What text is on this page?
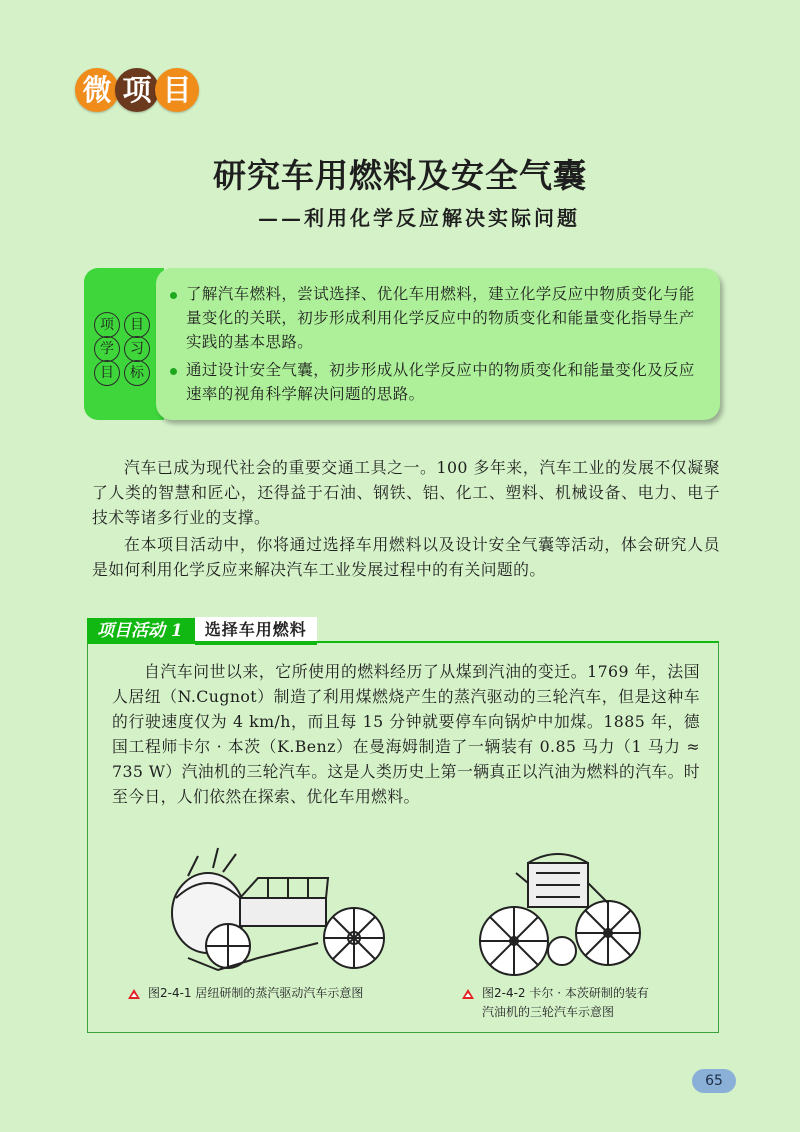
微 项 目
研究车用燃料及安全气囊
——利用化学反应解决实际问题
项	目
学	习
目	标
了解汽车燃料，尝试选择、优化车用燃料，建立化学反应中物质变化与能量变化的关联，初步形成利用化学反应中的物质变化和能量变化指导生产实践的基本思路。
通过设计安全气囊，初步形成从化学反应中的物质变化和能量变化及反应速率的视角科学解决问题的思路。
汽车已成为现代社会的重要交通工具之一。100 多年来，汽车工业的发展不仅凝聚了人类的智慧和匠心，还得益于石油、钢铁、铝、化工、塑料、机械设备、电力、电子技术等诸多行业的支撑。
在本项目活动中，你将通过选择车用燃料以及设计安全气囊等活动，体会研究人员是如何利用化学反应来解决汽车工业发展过程中的有关问题的。
项目活动 1	选择车用燃料
自汽车问世以来，它所使用的燃料经历了从煤到汽油的变迁。1769 年，法国人居纽（N.Cugnot）制造了利用煤燃烧产生的蒸汽驱动的三轮汽车，但是这种车的行驶速度仅为 4 km/h，而且每 15 分钟就要停车向锅炉中加煤。1885 年，德国工程师卡尔 · 本茨（K.Benz）在曼海姆制造了一辆装有 0.85 马力（1 马力 ≈ 735 W）汽油机的三轮汽车。这是人类历史上第一辆真正以汽油为燃料的汽车。时至今日，人们依然在探索、优化车用燃料。
图2-4-1 居纽研制的蒸汽驱动汽车示意图	图2-4-2 卡尔 · 本茨研制的装有
汽油机的三轮汽车示意图
65
